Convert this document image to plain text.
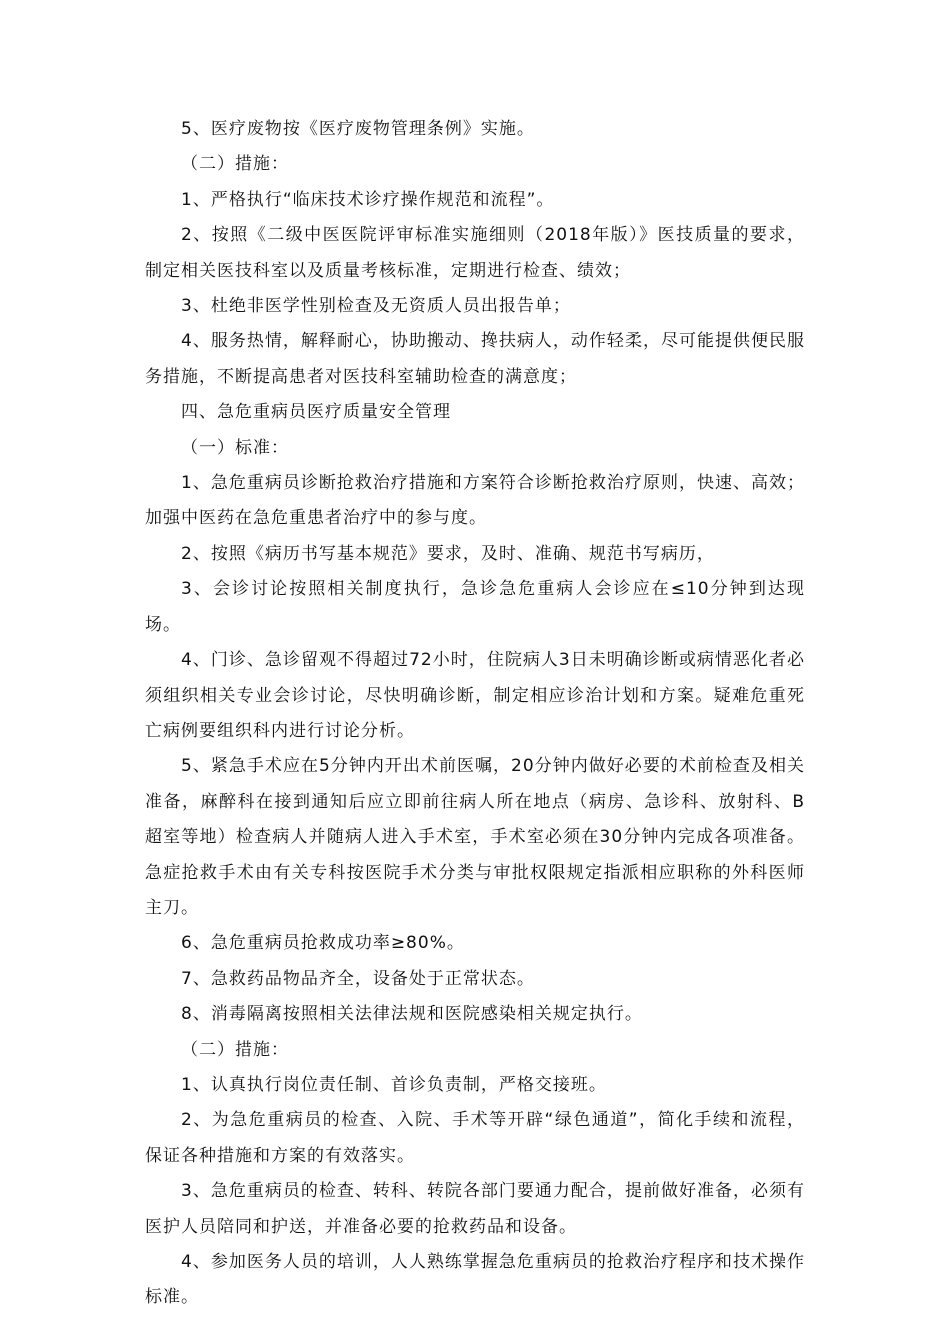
5、医疗废物按《医疗废物管理条例》实施。

（二）措施：

1、严格执行“临床技术诊疗操作规范和流程”。

2、按照《二级中医医院评审标准实施细则（2018年版）》医技质量的要求，制定相关医技科室以及质量考核标准，定期进行检查、绩效；

3、杜绝非医学性别检查及无资质人员出报告单；

4、服务热情，解释耐心，协助搬动、搀扶病人，动作轻柔，尽可能提供便民服务措施，不断提高患者对医技科室辅助检查的满意度；

四、急危重病员医疗质量安全管理

（一）标准：

1、急危重病员诊断抢救治疗措施和方案符合诊断抢救治疗原则，快速、高效；加强中医药在急危重患者治疗中的参与度。

2、按照《病历书写基本规范》要求，及时、准确、规范书写病历，

3、会诊讨论按照相关制度执行，急诊急危重病人会诊应在≤10分钟到达现场。

4、门诊、急诊留观不得超过72小时，住院病人3日未明确诊断或病情恶化者必须组织相关专业会诊讨论，尽快明确诊断，制定相应诊治计划和方案。疑难危重死亡病例要组织科内进行讨论分析。

5、紧急手术应在5分钟内开出术前医嘱，20分钟内做好必要的术前检查及相关准备，麻醉科在接到通知后应立即前往病人所在地点（病房、急诊科、放射科、B超室等地）检查病人并随病人进入手术室，手术室必须在30分钟内完成各项准备。急症抢救手术由有关专科按医院手术分类与审批权限规定指派相应职称的外科医师主刀。

6、急危重病员抢救成功率≥80%。

7、急救药品物品齐全，设备处于正常状态。

8、消毒隔离按照相关法律法规和医院感染相关规定执行。

（二）措施：

1、认真执行岗位责任制、首诊负责制，严格交接班。

2、为急危重病员的检查、入院、手术等开辟“绿色通道”，简化手续和流程，保证各种措施和方案的有效落实。

3、急危重病员的检查、转科、转院各部门要通力配合，提前做好准备，必须有医护人员陪同和护送，并准备必要的抢救药品和设备。

4、参加医务人员的培训，人人熟练掌握急危重病员的抢救治疗程序和技术操作标准。
